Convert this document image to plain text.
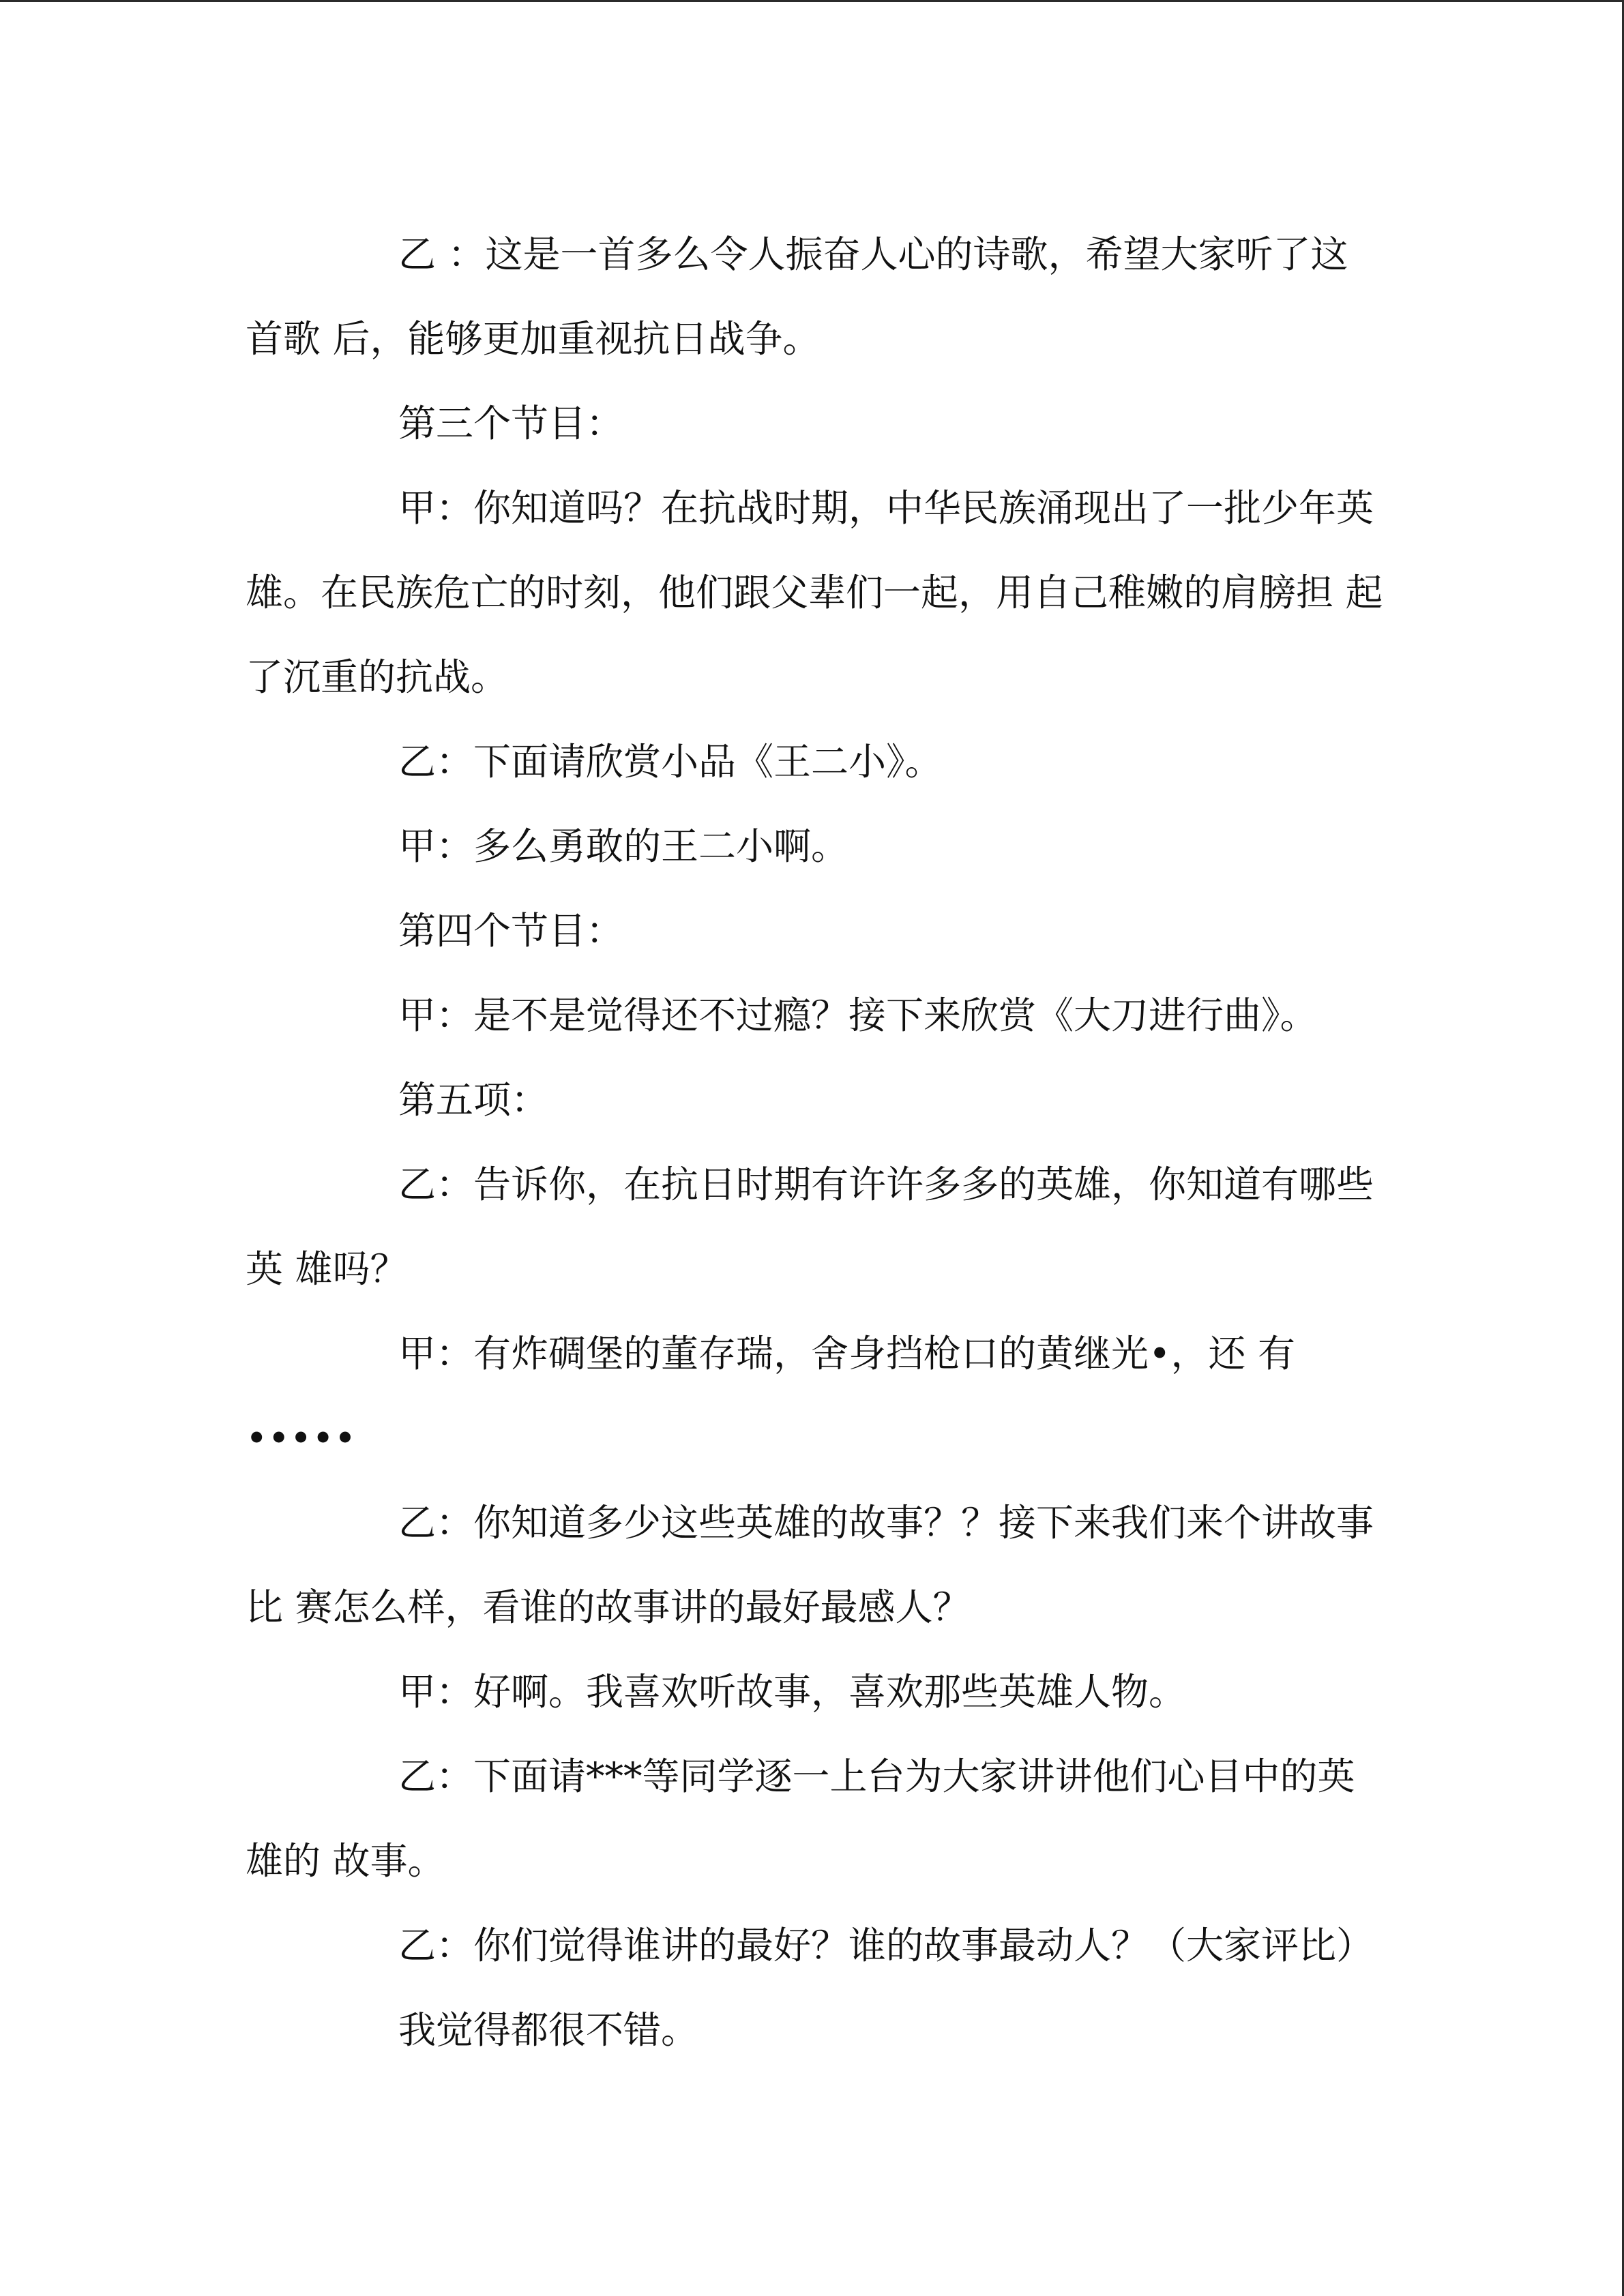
乙 ：这是一首多么令人振奋人心的诗歌，希望大家听了这首歌 后，能够更加重视抗日战争。
第三个节目：
甲：你知道吗？在抗战时期，中华民族涌现出了一批少年英 雄。在民族危亡的时刻，他们跟父辈们一起，用自己稚嫩的肩膀担 起了沉重的抗战。
乙：下面请欣赏小品《王二小》。
甲：多么勇敢的王二小啊。
第四个节目：
甲：是不是觉得还不过瘾？接下来欣赏《大刀进行曲》。
第五项：
乙：告诉你，在抗日时期有许许多多的英雄，你知道有哪些英 雄吗？
甲：有炸碉堡的董存瑞，舍身挡枪口的黄继光•，还 有•••••
乙：你知道多少这些英雄的故事？？接下来我们来个讲故事比 赛怎么样，看谁的故事讲的最好最感人？
甲：好啊。我喜欢听故事，喜欢那些英雄人物。
乙：下面请***等同学逐一上台为大家讲讲他们心目中的英雄的 故事。
乙：你们觉得谁讲的最好？谁的故事最动人？（大家评比）
我觉得都很不错。
